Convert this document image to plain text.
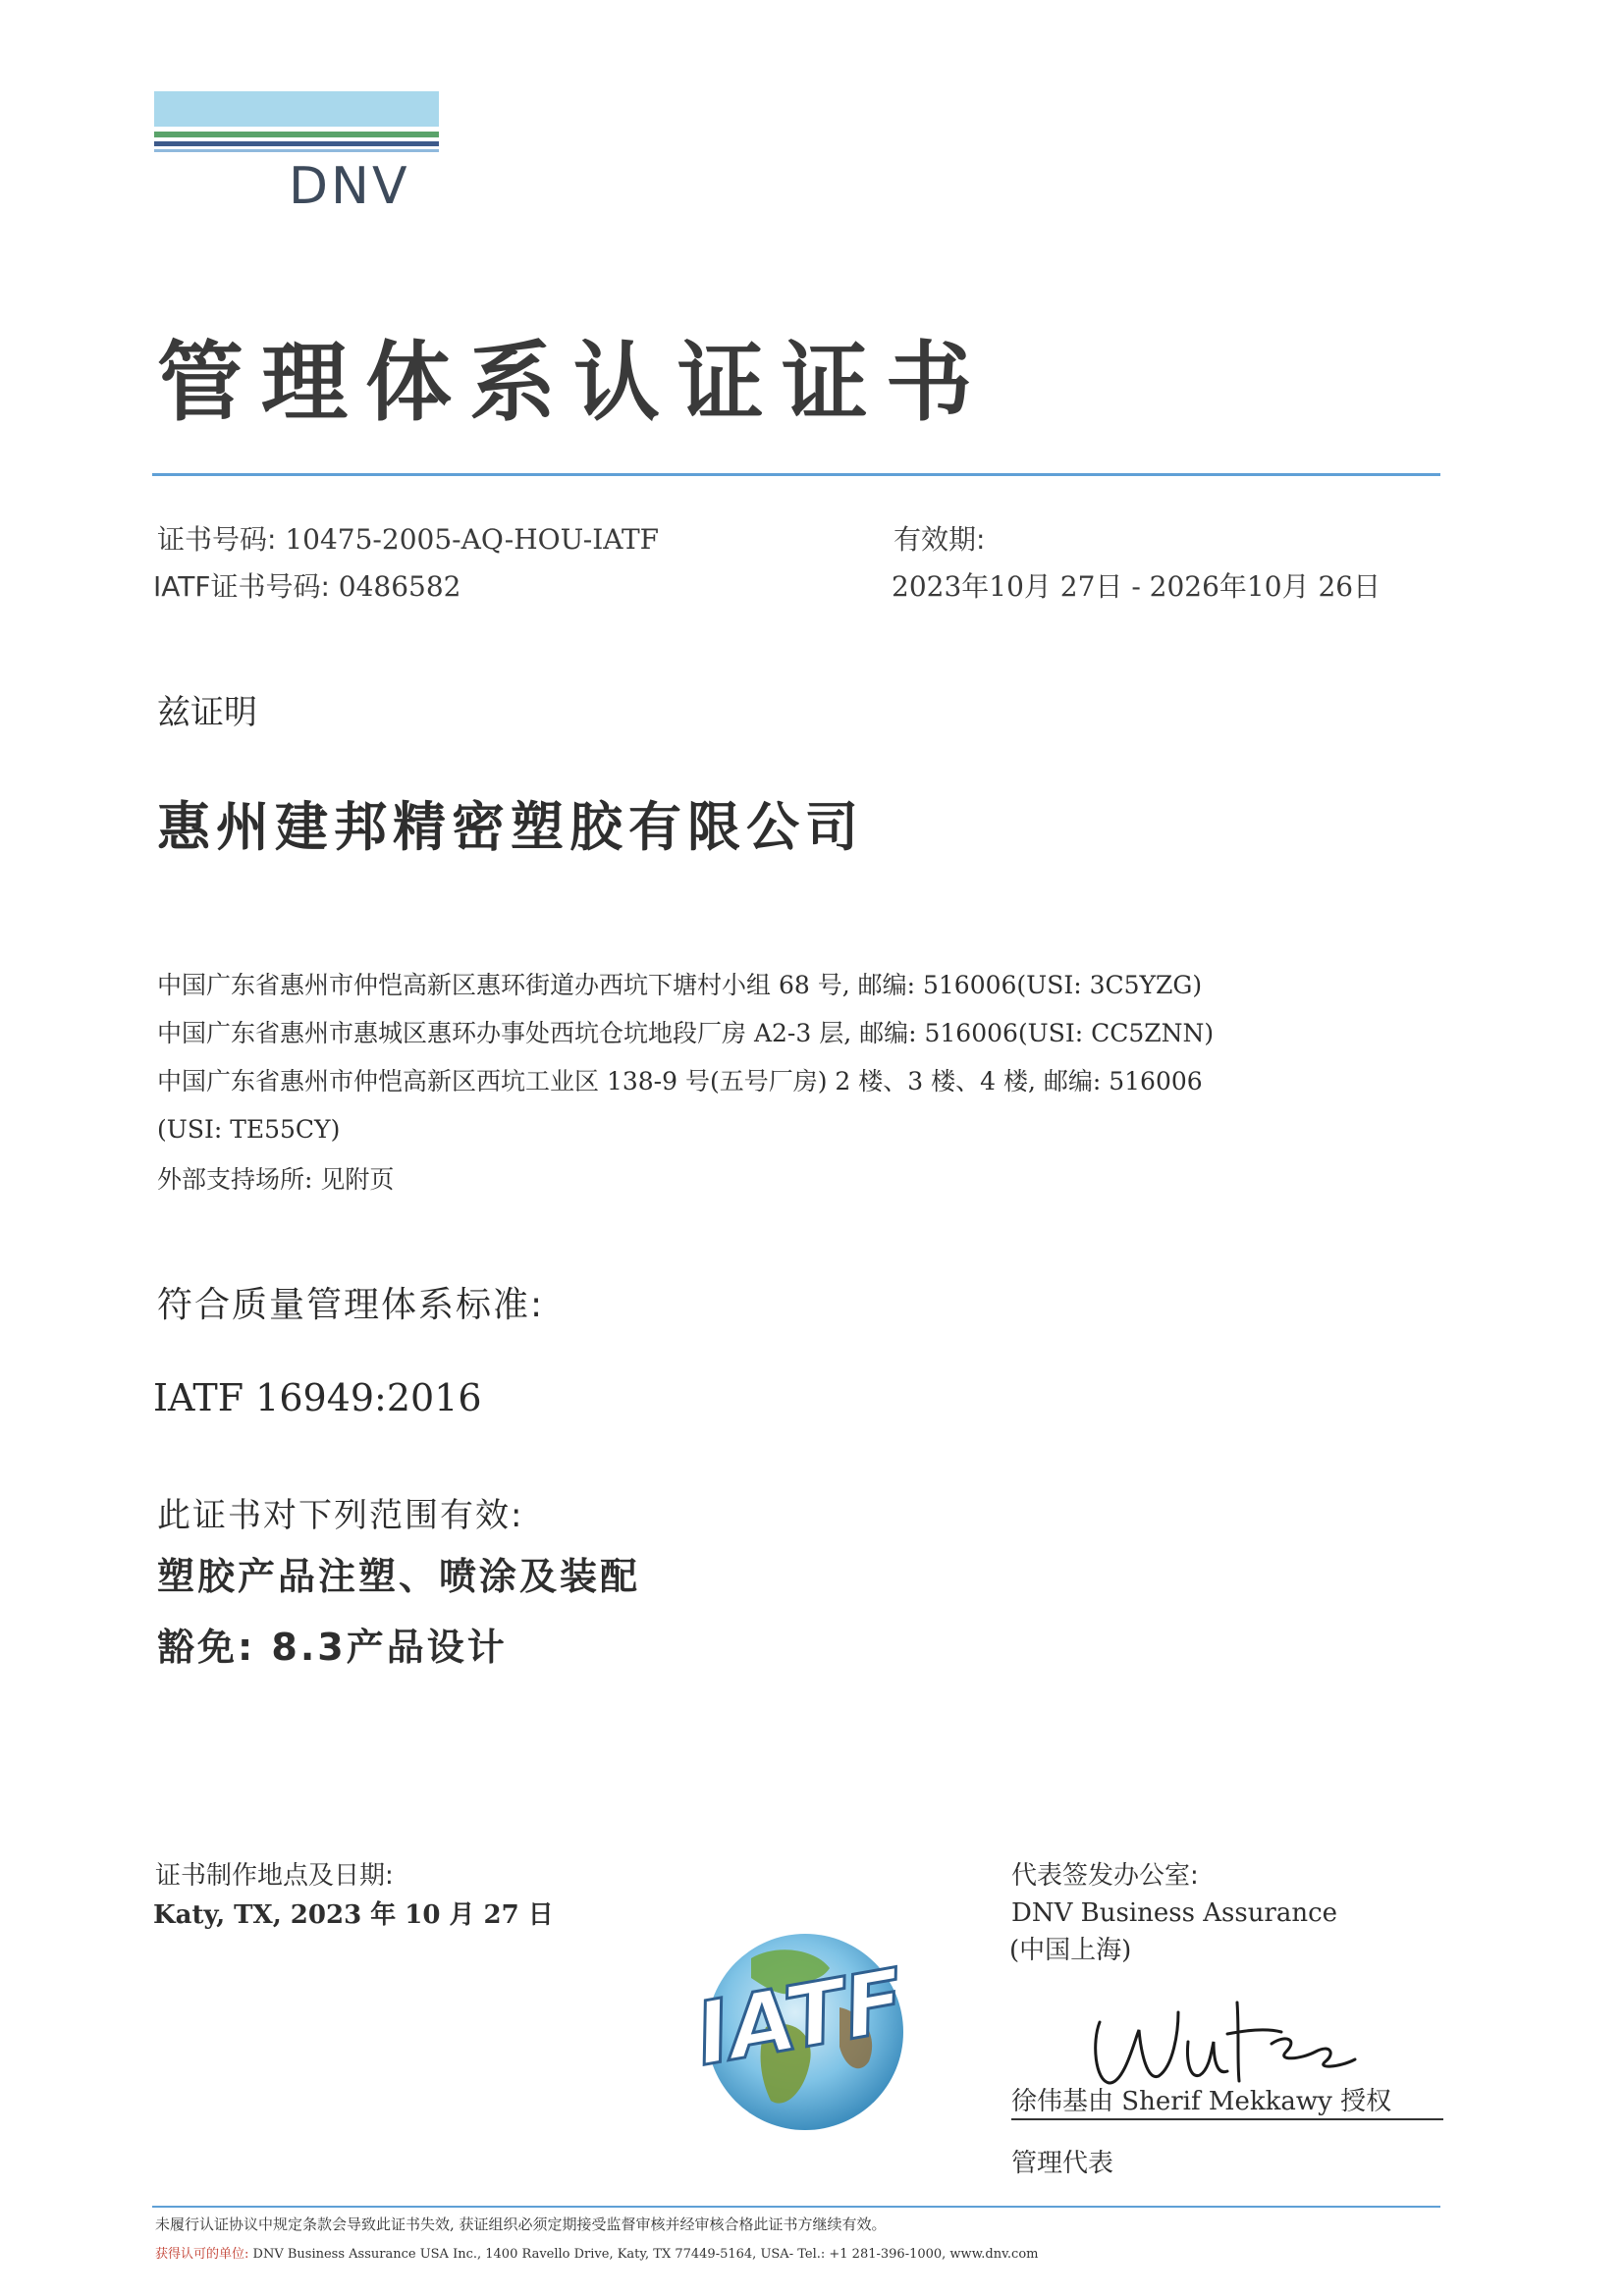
DNV
管理体系认证证书
证书号码: 10475-2005-AQ-HOU-IATF
IATF证书号码: 0486582
有效期:
2023年10月 27日 - 2026年10月 26日
兹证明
惠州建邦精密塑胶有限公司
中国广东省惠州市仲恺高新区惠环街道办西坑下塘村小组 68 号, 邮编: 516006(USI: 3C5YZG)
中国广东省惠州市惠城区惠环办事处西坑仓坑地段厂房 A2-3 层, 邮编: 516006(USI: CC5ZNN)
中国广东省惠州市仲恺高新区西坑工业区 138-9 号(五号厂房) 2 楼、3 楼、4 楼, 邮编: 516006
(USI: TE55CY)
外部支持场所: 见附页
符合质量管理体系标准:
IATF 16949:2016
此证书对下列范围有效:
塑胶产品注塑、喷涂及装配
豁免: 8.3产品设计
证书制作地点及日期:
Katy, TX, 2023 年 10 月 27 日
IATF
代表签发办公室:
DNV Business Assurance
(中国上海)
徐伟基由 Sherif Mekkawy 授权
管理代表
未履行认证协议中规定条款会导致此证书失效, 获证组织必须定期接受监督审核并经审核合格此证书方继续有效。
获得认可的单位: DNV Business Assurance USA Inc., 1400 Ravello Drive, Katy, TX 77449-5164, USA- Tel.: +1 281-396-1000, www.dnv.com
